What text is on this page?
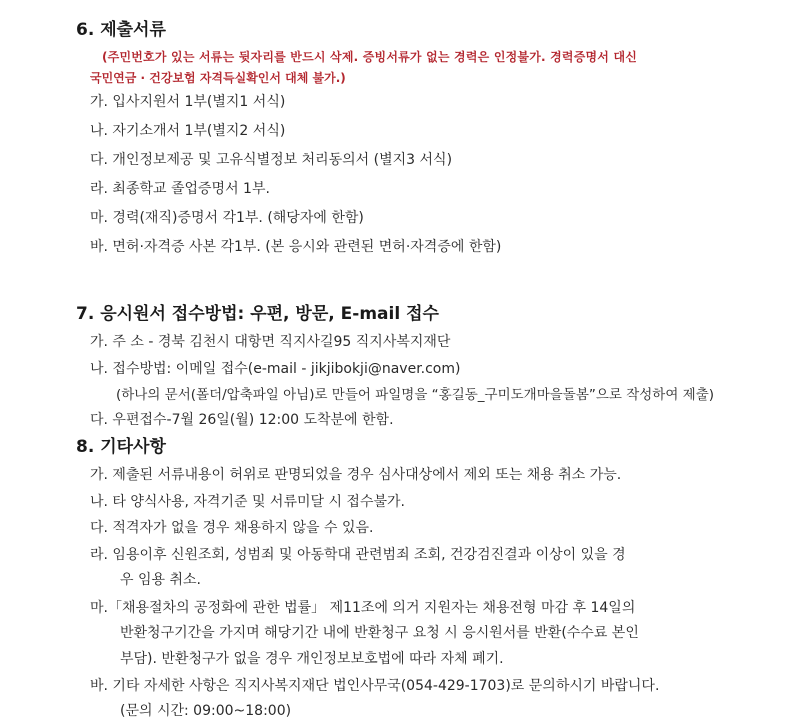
6. 제출서류
(주민번호가 있는 서류는 뒷자리를 반드시 삭제. 증빙서류가 없는 경력은 인정불가. 경력증명서 대신
국민연금 · 건강보험 자격득실확인서 대체 불가.)
가. 입사지원서 1부(별지1 서식)
나. 자기소개서 1부(별지2 서식)
다. 개인정보제공 및 고유식별정보 처리동의서 (별지3 서식)
라. 최종학교 졸업증명서 1부.
마. 경력(재직)증명서 각1부. (해당자에 한함)
바. 면허·자격증 사본 각1부. (본 응시와 관련된 면허·자격증에 한함)
7. 응시원서 접수방법: 우편, 방문, E-mail 접수
가. 주 소 - 경북 김천시 대항면 직지사길95 직지사복지재단
나. 접수방법: 이메일 접수(e-mail - jikjibokji@naver.com)
(하나의 문서(폴더/압축파일 아님)로 만들어 파일명을 “홍길동_구미도개마을돌봄”으로 작성하여 제출)
다. 우편접수-7월 26일(월) 12:00 도착분에 한함.
8. 기타사항
가. 제출된 서류내용이 허위로 판명되었을 경우 심사대상에서 제외 또는 채용 취소 가능.
나. 타 양식사용, 자격기준 및 서류미달 시 접수불가.
다. 적격자가 없을 경우 채용하지 않을 수 있음.
라. 임용이후 신원조회, 성범죄 및 아동학대 관련범죄 조회, 건강검진결과 이상이 있을 경
우 임용 취소.
마.「채용절차의 공정화에 관한 법률」 제11조에 의거 지원자는 채용전형 마감 후 14일의
반환청구기간을 가지며 해당기간 내에 반환청구 요청 시 응시원서를 반환(수수료 본인
부담). 반환청구가 없을 경우 개인정보보호법에 따라 자체 폐기.
바. 기타 자세한 사항은 직지사복지재단 법인사무국(054-429-1703)로 문의하시기 바랍니다.
(문의 시간: 09:00~18:00)
